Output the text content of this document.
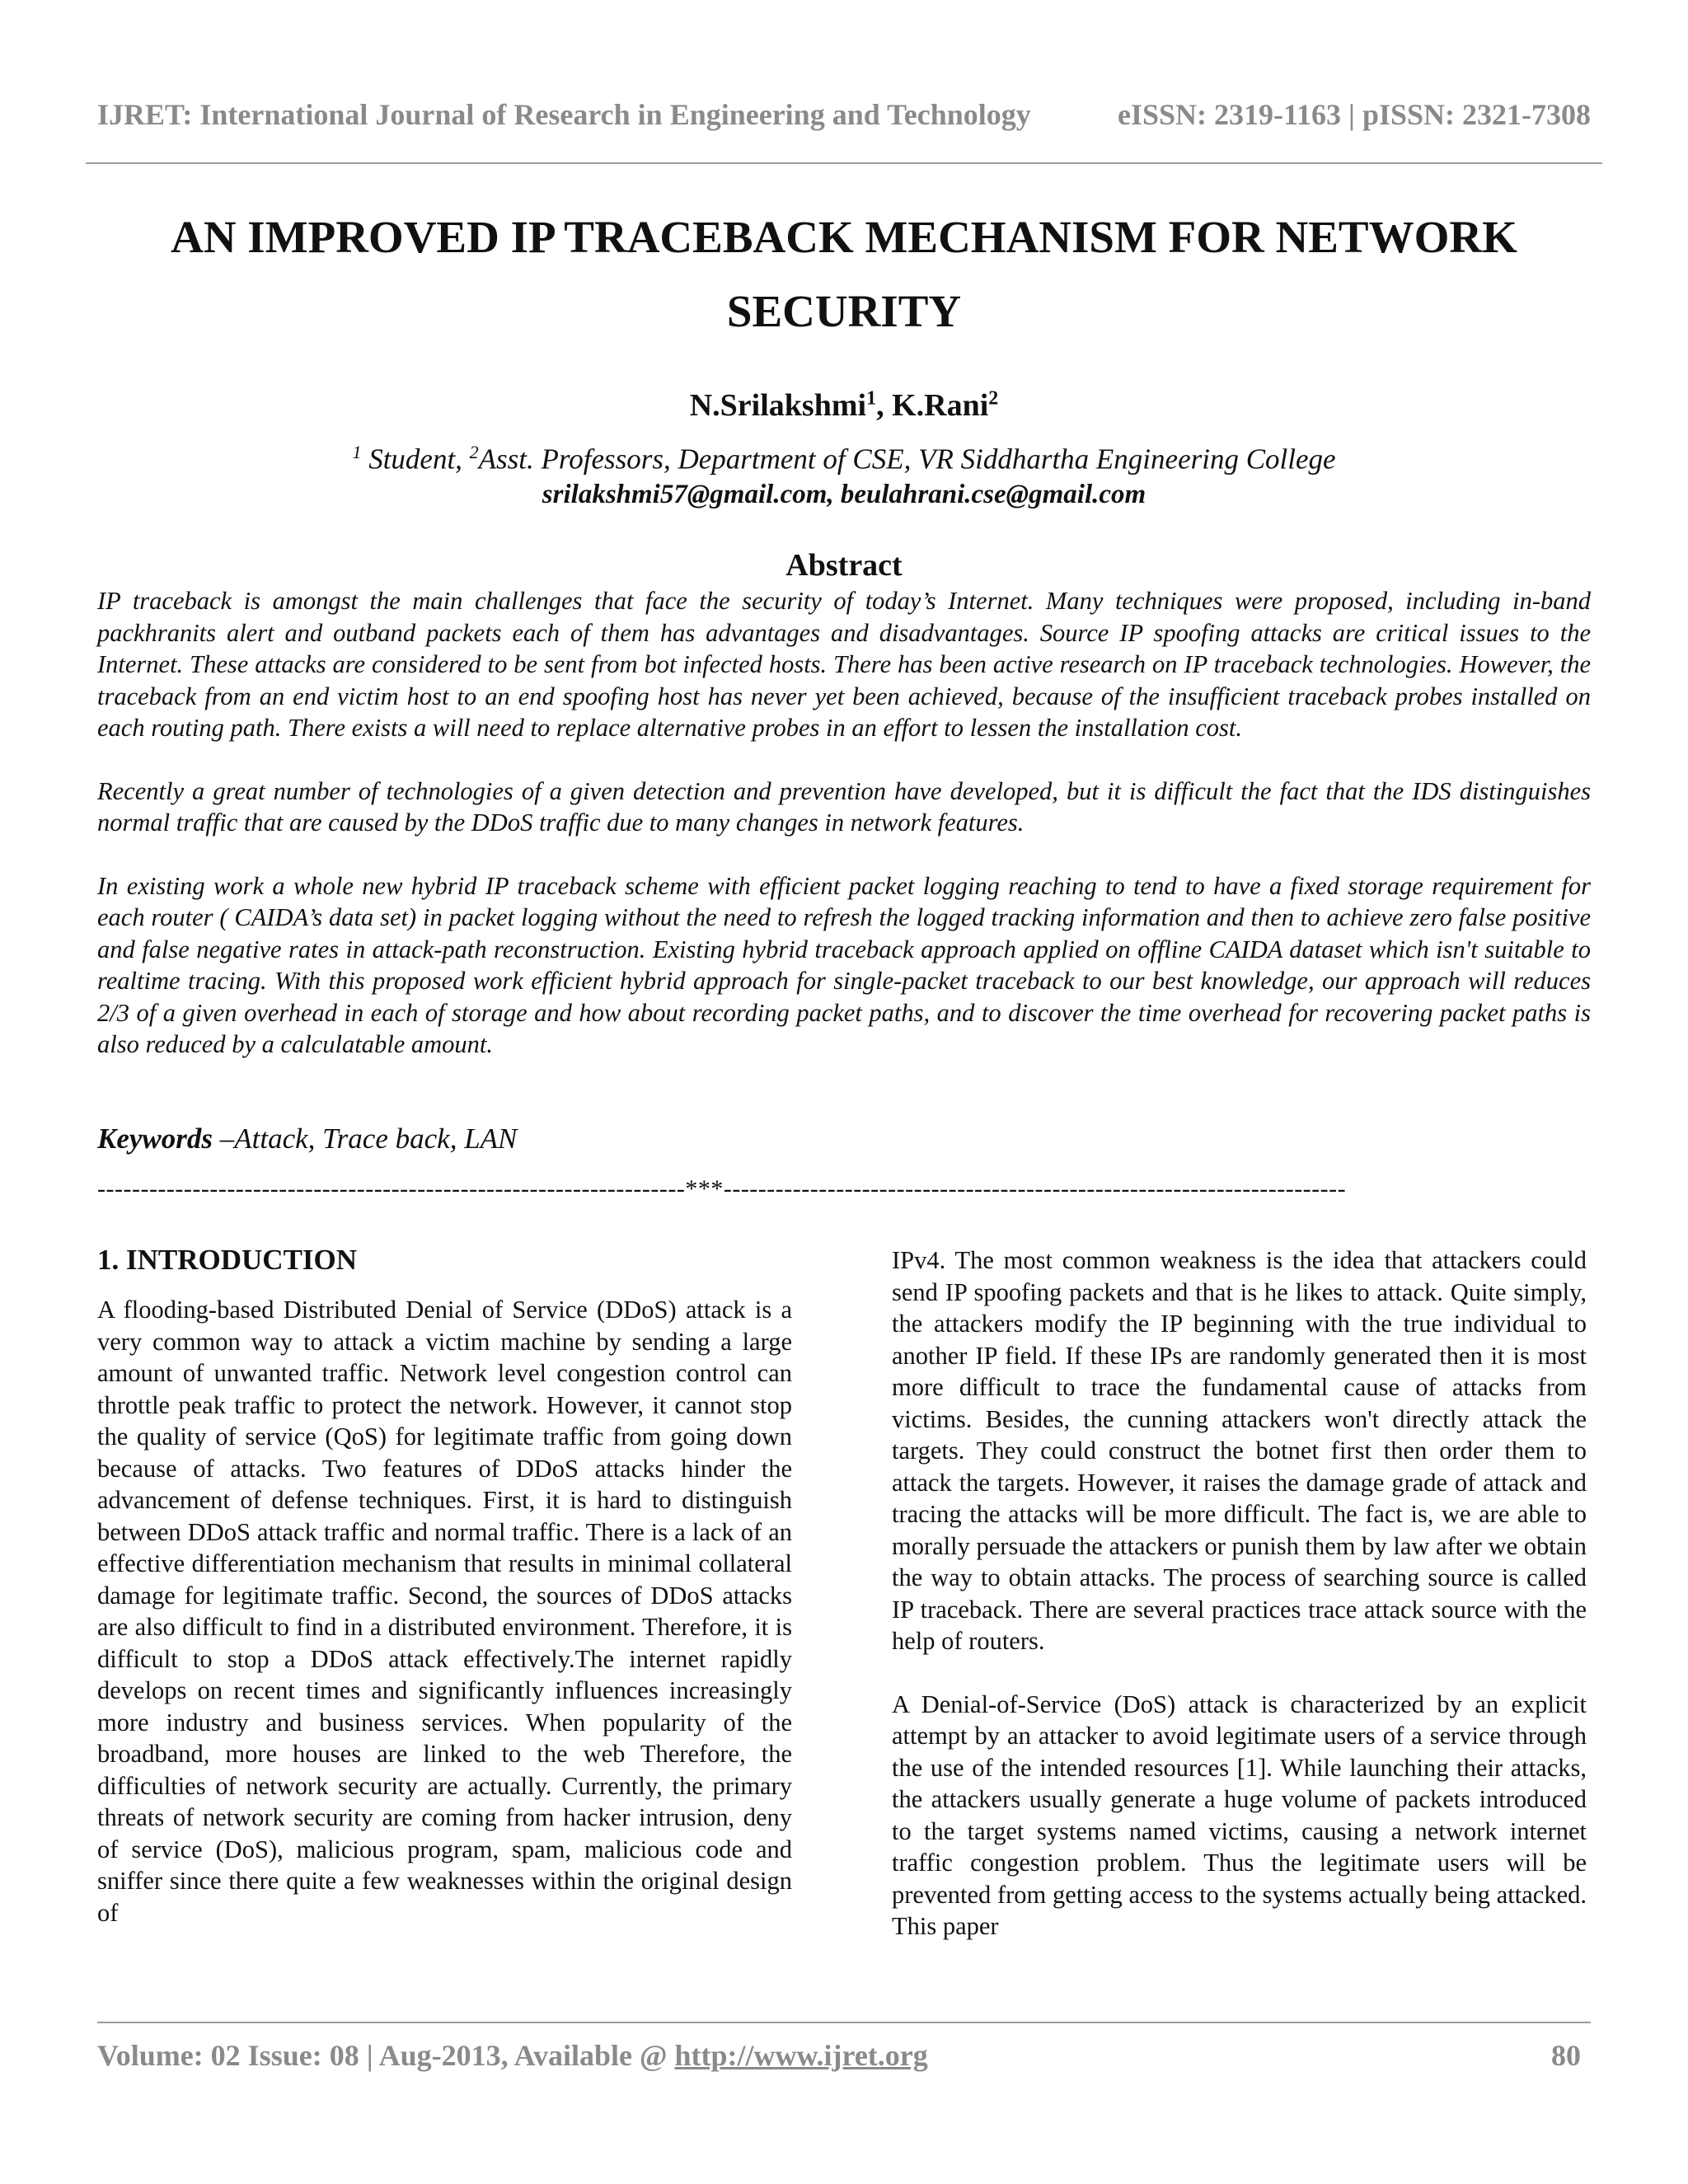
IJRET: International Journal of Research in Engineering and Technology	eISSN: 2319-1163 | pISSN: 2321-7308
AN IMPROVED IP TRACEBACK MECHANISM FOR NETWORK SECURITY
N.Srilakshmi$^1$, K.Rani$^2$
$^1$ Student, $^2$Asst. Professors, Department of CSE, VR Siddhartha Engineering College
srilakshmi57@gmail.com, beulahrani.cse@gmail.com
Abstract

IP traceback is amongst the main challenges that face the security of today’s Internet. Many techniques were proposed, including in-band packhranits alert and outband packets each of them has advantages and disadvantages. Source IP spoofing attacks are critical issues to the Internet. These attacks are considered to be sent from bot infected hosts. There has been active research on IP traceback technologies. However, the traceback from an end victim host to an end spoofing host has never yet been achieved, because of the insufficient traceback probes installed on each routing path. There exists a will need to replace alternative probes in an effort to lessen the installation cost.

Recently a great number of technologies of a given detection and prevention have developed, but it is difficult the fact that the IDS distinguishes normal traffic that are caused by the DDoS traffic due to many changes in network features.

In existing work a whole new hybrid IP traceback scheme with efficient packet logging reaching to tend to have a fixed storage requirement for each router ( CAIDA’s data set) in packet logging without the need to refresh the logged tracking information and then to achieve zero false positive and false negative rates in attack-path reconstruction. Existing hybrid traceback approach applied on offline CAIDA dataset which isn't suitable to realtime tracing. With this proposed work efficient hybrid approach for single-packet traceback to our best knowledge, our approach will reduces 2/3 of a given overhead in each of storage and how about recording packet paths, and to discover the time overhead for recovering packet paths is also reduced by a calculatable amount.

Keywords –Attack, Trace back, LAN
--------------------------------------------------------------------***------------------------------------------------------------------------
1. INTRODUCTION

A flooding-based Distributed Denial of Service (DDoS) attack is a very common way to attack a victim machine by sending a large amount of unwanted traffic. Network level congestion control can throttle peak traffic to protect the network. However, it cannot stop the quality of service (QoS) for legitimate traffic from going down because of attacks. Two features of DDoS attacks hinder the advancement of defense techniques. First, it is hard to distinguish between DDoS attack traffic and normal traffic. There is a lack of an effective differentiation mechanism that results in minimal collateral damage for legitimate traffic. Second, the sources of DDoS attacks are also difficult to find in a distributed environment. Therefore, it is difficult to stop a DDoS attack effectively.The internet rapidly develops on recent times and significantly influences increasingly more industry and business services. When popularity of the broadband, more houses are linked to the web Therefore, the difficulties of network security are actually. Currently, the primary threats of network security are coming from hacker intrusion, deny of service (DoS), malicious program, spam, malicious code and sniffer since there quite a few weaknesses within the original design of

IPv4. The most common weakness is the idea that attackers could send IP spoofing packets and that is he likes to attack. Quite simply, the attackers modify the IP beginning with the true individual to another IP field. If these IPs are randomly generated then it is most more difficult to trace the fundamental cause of attacks from victims. Besides, the cunning attackers won't directly attack the targets. They could construct the botnet first then order them to attack the targets. However, it raises the damage grade of attack and tracing the attacks will be more difficult. The fact is, we are able to morally persuade the attackers or punish them by law after we obtain the way to obtain attacks. The process of searching source is called IP traceback. There are several practices trace attack source with the help of routers.

A Denial-of-Service (DoS) attack is characterized by an explicit attempt by an attacker to avoid legitimate users of a service through the use of the intended resources [1]. While launching their attacks, the attackers usually generate a huge volume of packets introduced to the target systems named victims, causing a network internet traffic congestion problem. Thus the legitimate users will be prevented from getting access to the systems actually being attacked. This paper

Volume: 02 Issue: 08 | Aug-2013, Available @ http://www.ijret.org	80
